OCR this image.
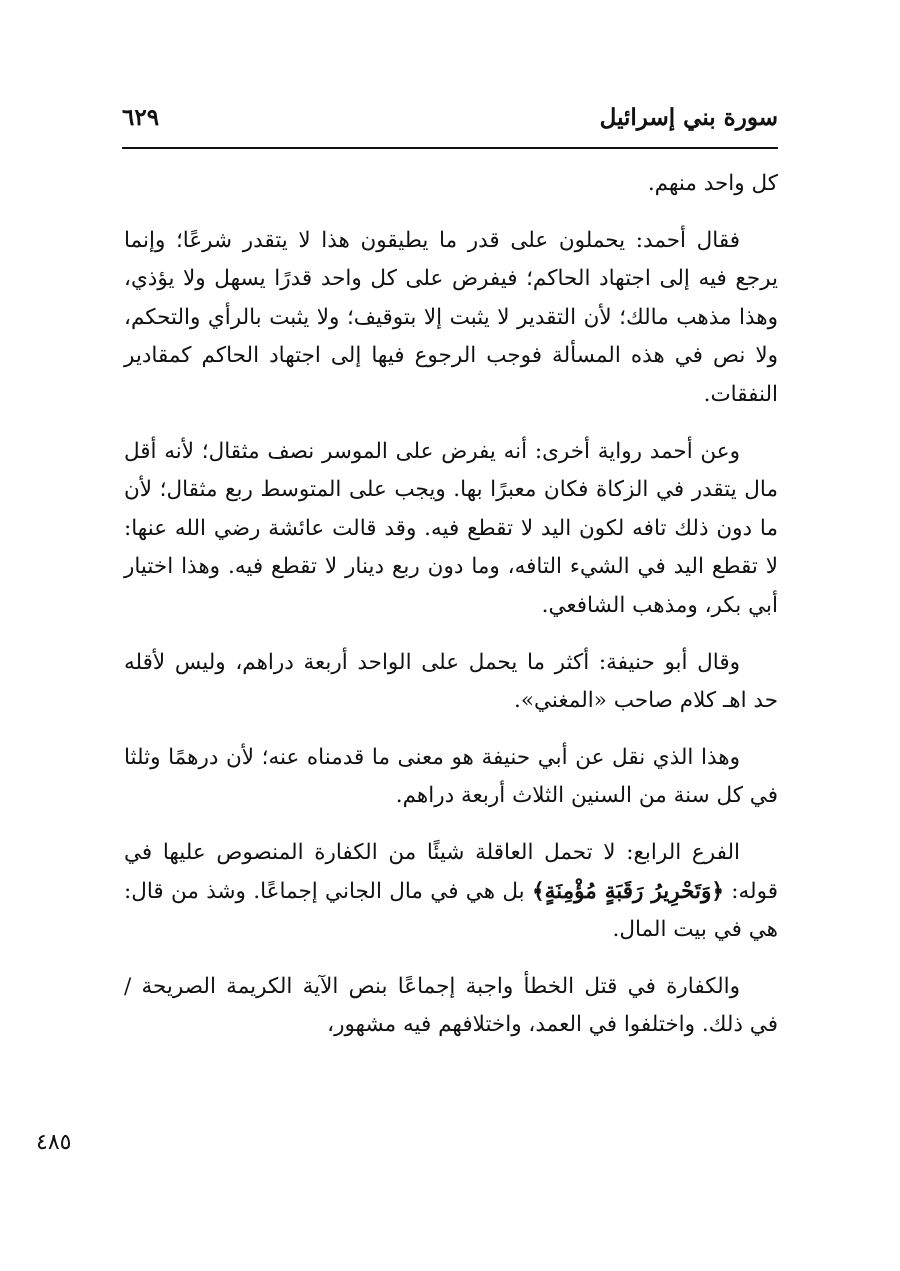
سورة بني إسرائيل
٦٢٩

كل واحد منهم.

فقال أحمد: يحملون على قدر ما يطيقون هذا لا يتقدر شرعًا؛ وإنما يرجع فيه إلى اجتهاد الحاكم؛ فيفرض على كل واحد قدرًا يسهل ولا يؤذي، وهذا مذهب مالك؛ لأن التقدير لا يثبت إلا بتوقيف؛ ولا يثبت بالرأي والتحكم، ولا نص في هذه المسألة فوجب الرجوع فيها إلى اجتهاد الحاكم كمقادير النفقات.

وعن أحمد رواية أخرى: أنه يفرض على الموسر نصف مثقال؛ لأنه أقل مال يتقدر في الزكاة فكان معبرًا بها. ويجب على المتوسط ربع مثقال؛ لأن ما دون ذلك تافه لكون اليد لا تقطع فيه. وقد قالت عائشة رضي الله عنها: لا تقطع اليد في الشيء التافه، وما دون ربع دينار لا تقطع فيه. وهذا اختيار أبي بكر، ومذهب الشافعي.

وقال أبو حنيفة: أكثر ما يحمل على الواحد أربعة دراهم، وليس لأقله حد اهـ كلام صاحب «المغني».

وهذا الذي نقل عن أبي حنيفة هو معنى ما قدمناه عنه؛ لأن درهمًا وثلثا في كل سنة من السنين الثلاث أربعة دراهم.

الفرع الرابع: لا تحمل العاقلة شيئًا من الكفارة المنصوص عليها في قوله: ﴿وَتَحْرِيرُ رَقَبَةٍ مُؤْمِنَةٍ﴾ بل هي في مال الجاني إجماعًا. وشذ من قال: هي في بيت المال.

والكفارة في قتل الخطأ واجبة إجماعًا بنص الآية الكريمة الصريحة / في ذلك. واختلفوا في العمد، واختلافهم فيه مشهور،

٤٨٥
